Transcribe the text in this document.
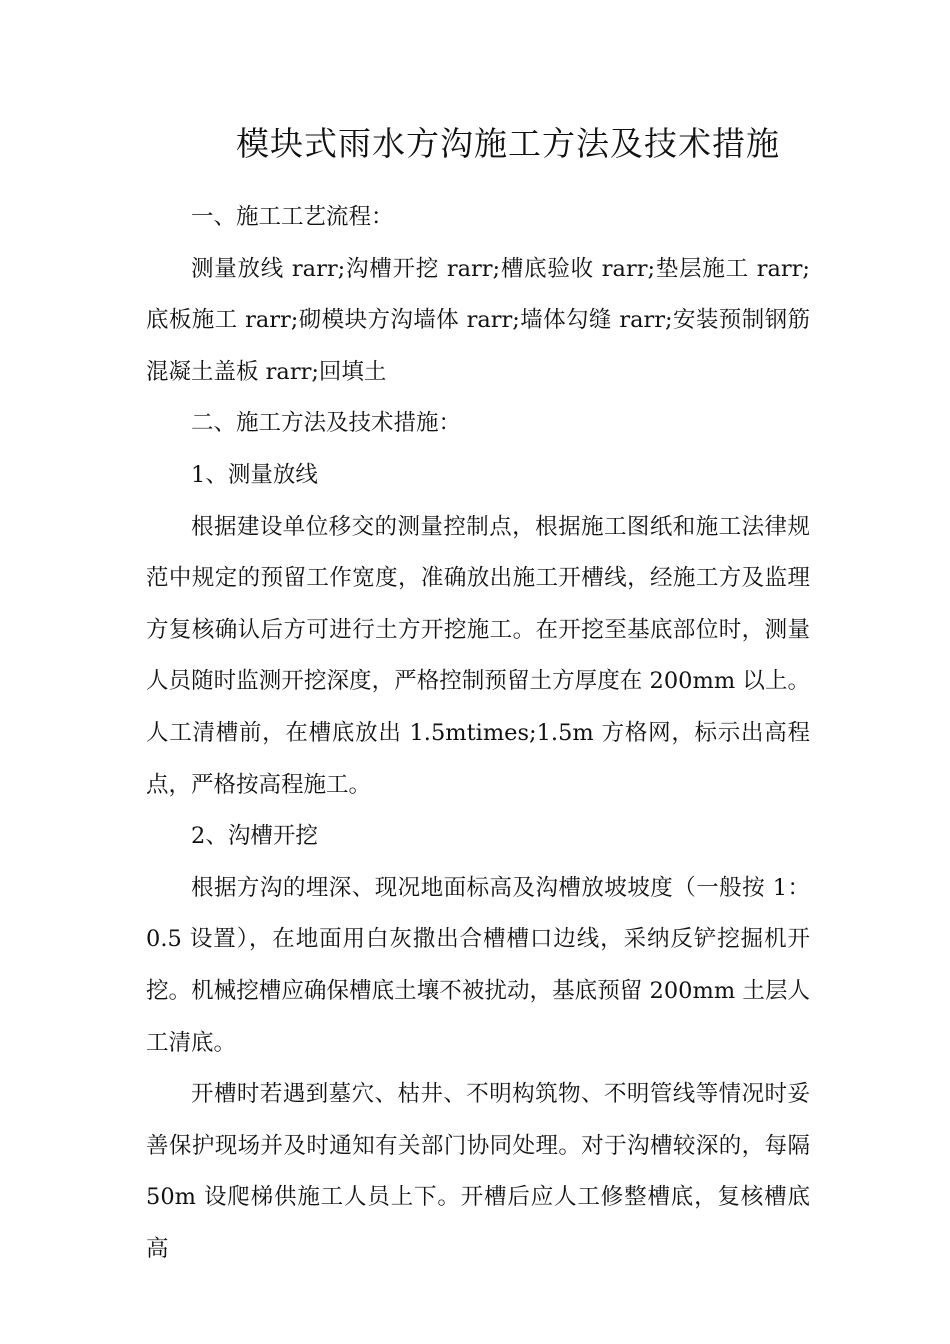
模块式雨水方沟施工方法及技术措施

一、施工工艺流程：

测量放线 rarr;沟槽开挖 rarr;槽底验收 rarr;垫层施工 rarr;底板施工 rarr;砌模块方沟墙体 rarr;墙体勾缝 rarr;安装预制钢筋混凝土盖板 rarr;回填土

二、施工方法及技术措施：

1、测量放线

根据建设单位移交的测量控制点，根据施工图纸和施工法律规范中规定的预留工作宽度，准确放出施工开槽线，经施工方及监理方复核确认后方可进行土方开挖施工。在开挖至基底部位时，测量人员随时监测开挖深度，严格控制预留土方厚度在 200mm 以上。人工清槽前，在槽底放出 1.5mtimes;1.5m 方格网，标示出高程点，严格按高程施工。

2、沟槽开挖

根据方沟的埋深、现况地面标高及沟槽放坡坡度（一般按 1：0.5 设置），在地面用白灰撒出合槽槽口边线，采纳反铲挖掘机开挖。机械挖槽应确保槽底土壤不被扰动，基底预留 200mm 土层人工清底。

开槽时若遇到墓穴、枯井、不明构筑物、不明管线等情况时妥善保护现场并及时通知有关部门协同处理。对于沟槽较深的，每隔 50m 设爬梯供施工人员上下。开槽后应人工修整槽底，复核槽底高
